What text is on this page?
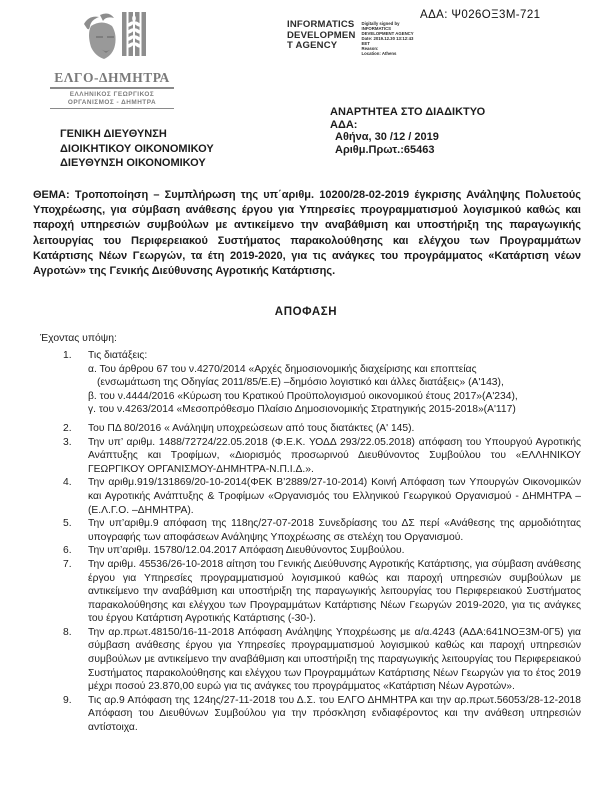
ΕΛΓΟ-ΔΗΜΗΤΡΑ
ΕΛΛΗΝΙΚΟΣ ΓΕΩΡΓΙΚΟΣ
ΟΡΓΑΝΙΣΜΟΣ - ΔΗΜΗΤΡΑ
INFORMATICS
DEVELOPMEN
T AGENCY
Digitally signed by
INFORMATICS
DEVELOPMENT AGENCY
Date: 2019.12.30 13:12:43
EET
Reason:
Location: Athens
ΑΔΑ: Ψ026ΟΞ3Μ-721
ΓΕΝΙΚΗ ΔΙΕΥΘΥΝΣΗ
ΔΙΟΙΚΗΤΙΚΟΥ ΟΙΚΟΝΟΜΙΚΟΥ
ΔΙΕΥΘΥΝΣΗ ΟΙΚΟΝΟΜΙΚΟΥ
ΑΝΑΡΤΗΤΕΑ ΣΤΟ ΔΙΑΔΙΚΤΥΟ
ΑΔΑ:
Αθήνα, 30 /12 / 2019
Αριθμ.Πρωτ.:65463
ΘΕΜΑ: Τροποποίηση – Συμπλήρωση της υπ΄αριθμ. 10200/28-02-2019 έγκρισης Ανάληψης Πολυετούς Υποχρέωσης, για σύμβαση ανάθεσης έργου για Υπηρεσίες προγραμματισμού λογισμικού καθώς και παροχή υπηρεσιών συμβούλων με αντικείμενο την αναβάθμιση και υποστήριξη της παραγωγικής λειτουργίας του Περιφερειακού Συστήματος παρακολούθησης και ελέγχου των Προγραμμάτων Κατάρτισης Νέων Γεωργών, τα έτη 2019-2020, για τις ανάγκες του προγράμματος «Κατάρτιση νέων Αγροτών» της Γενικής Διεύθυνσης Αγροτικής Κατάρτισης.
ΑΠΟΦΑΣΗ
Έχοντας υπόψη:
1.	Τις διατάξεις:
α. Του άρθρου 67 του ν.4270/2014 «Αρχές δημοσιονομικής διαχείρισης και εποπτείας
(ενσωμάτωση της Οδηγίας 2011/85/Ε.Ε) –δημόσιο λογιστικό και άλλες διατάξεις» (Α'143),
β. του ν.4444/2016 «Κύρωση του Κρατικού Προϋπολογισμού οικονομικού έτους 2017»(Α'234),
γ. του ν.4263/2014 «Μεσοπρόθεσμο Πλαίσιο Δημοσιονομικής Στρατηγικής 2015-2018»(Α'117)
2.	Του ΠΔ 80/2016 « Ανάληψη υποχρεώσεων από τους διατάκτες (Α' 145).
3.	Την υπ’ αριθμ. 1488/72724/22.05.2018 (Φ.Ε.Κ. ΥΟΔΔ 293/22.05.2018) απόφαση του Υπουργού Αγροτικής Ανάπτυξης και Τροφίμων, «Διορισμός προσωρινού Διευθύνοντος Συμβούλου του «ΕΛΛΗΝΙΚΟΥ ΓΕΩΡΓΙΚΟΥ ΟΡΓΑΝΙΣΜΟΥ-ΔΗΜΗΤΡΑ-Ν.Π.Ι.Δ.».
4.	Την αριθμ.919/131869/20-10-2014(ΦΕΚ Β’2889/27-10-2014) Κοινή Απόφαση των Υπουργών Οικονομικών και Αγροτικής Ανάπτυξης & Τροφίμων «Οργανισμός του Ελληνικού Γεωργικού Οργανισμού - ΔΗΜΗΤΡΑ – (Ε.Λ.Γ.Ο. –ΔΗΜΗΤΡΑ).
5.	Την υπ’αριθμ.9 απόφαση της 118ης/27-07-2018 Συνεδρίασης του ΔΣ περί «Ανάθεσης της αρμοδιότητας υπογραφής των αποφάσεων Ανάληψης Υποχρέωσης σε στελέχη του Οργανισμού.
6.	Την υπ’αριθμ. 15780/12.04.2017 Απόφαση Διευθύνοντος Συμβούλου.
7.	Την αριθμ. 45536/26-10-2018 αίτηση του Γενικής Διεύθυνσης Αγροτικής Κατάρτισης, για σύμβαση ανάθεσης έργου για Υπηρεσίες προγραμματισμού λογισμικού καθώς και παροχή υπηρεσιών συμβούλων με αντικείμενο την αναβάθμιση και υποστήριξη της παραγωγικής λειτουργίας του Περιφερειακού Συστήματος παρακολούθησης και ελέγχου των Προγραμμάτων Κατάρτισης Νέων Γεωργών 2019-2020, για τις ανάγκες του έργου Κατάρτιση Αγροτικής Κατάρτισης (-30-).
8.	Την αρ.πρωτ.48150/16-11-2018 Απόφαση Ανάληψης Υποχρέωσης με α/α.4243 (ΑΔΑ:641ΝΟΞ3Μ-0Γ5) για σύμβαση ανάθεσης έργου για Υπηρεσίες προγραμματισμού λογισμικού καθώς και παροχή υπηρεσιών συμβούλων με αντικείμενο την αναβάθμιση και υποστήριξη της παραγωγικής λειτουργίας του Περιφερειακού Συστήματος παρακολούθησης και ελέγχου των Προγραμμάτων Κατάρτισης Νέων Γεωργών για το έτος 2019 μέχρι ποσού 23.870,00 ευρώ για τις ανάγκες του προγράμματος «Κατάρτιση Νέων Αγροτών».
9.	Τις αρ.9 Απόφαση της 124ης/27-11-2018 του Δ.Σ. του ΕΛΓΟ ΔΗΜΗΤΡΑ και την αρ.πρωτ.56053/28-12-2018 Απόφαση του Διευθύνων Συμβούλου για την πρόσκληση ενδιαφέροντος και την ανάθεση υπηρεσιών αντίστοιχα.
